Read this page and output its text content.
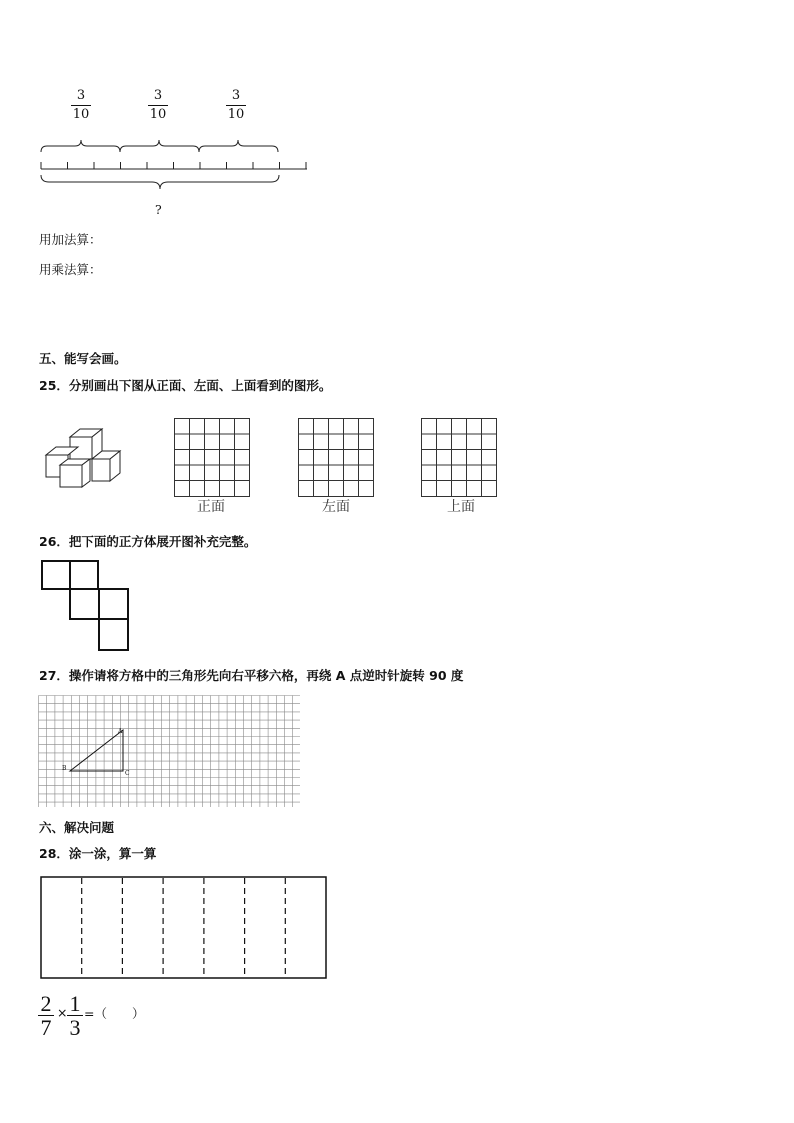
3
10
3
10
3
10
?
用加法算：
用乘法算：
五、能写会画。
25．分别画出下图从正面、左面、上面看到的图形。
正面	左面	上面
26．把下面的正方体展开图补充完整。
27．操作请将方格中的三角形先向右平移六格，再绕 A 点逆时针旋转 90 度
A
B
C
六、解决问题
28．涂一涂，算一算
2
7
× 1
3
=（　　）
